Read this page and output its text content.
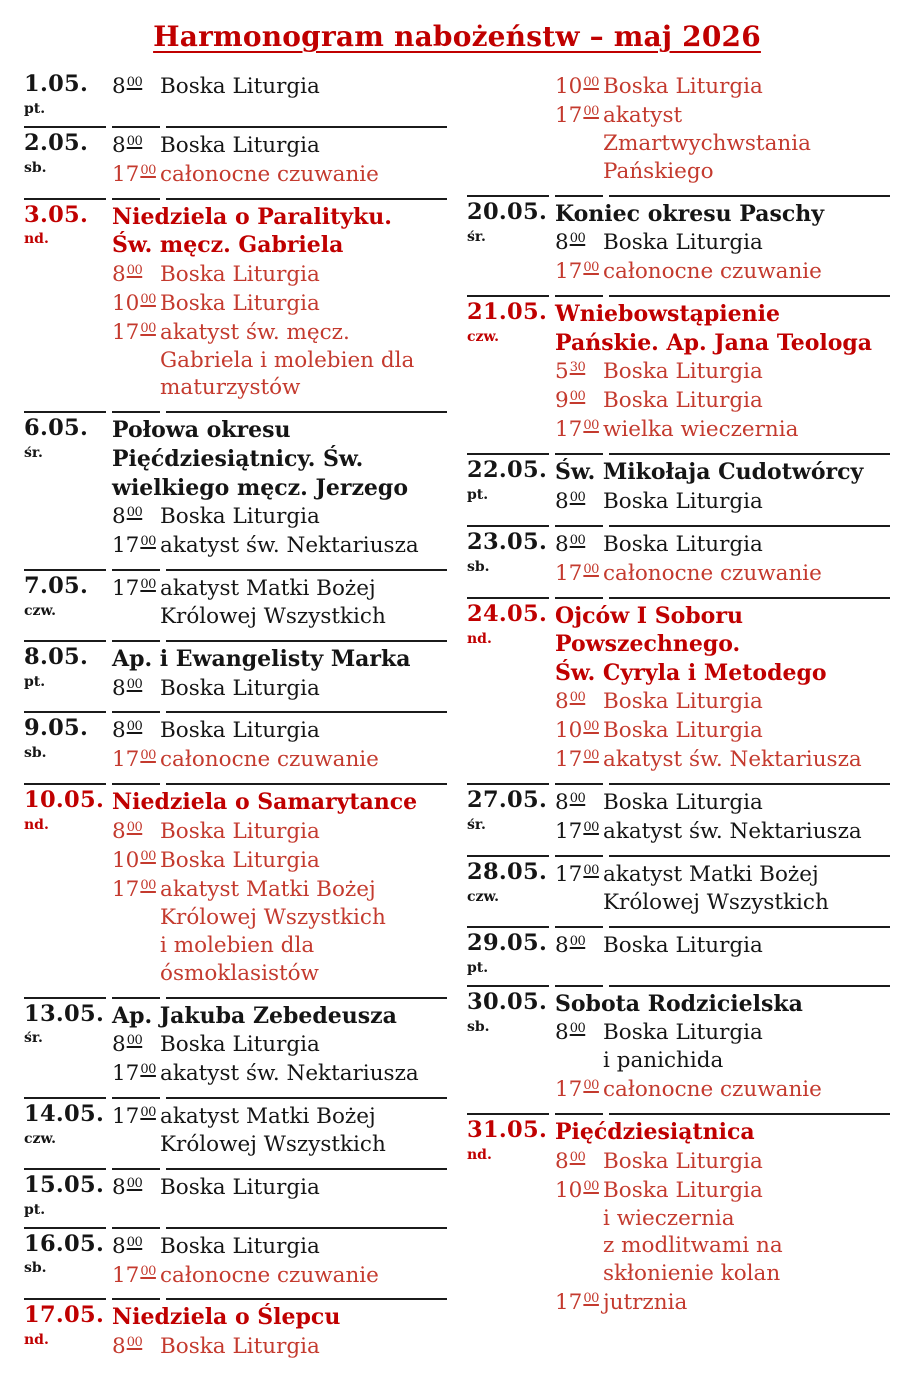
Harmonogram nabożeństw – maj 2026
1.05.
pt.
$8^{00}$ Boska Liturgia
2.05.
sb.
$8^{00}$ Boska Liturgia
$17^{00}$ całonocne czuwanie
3.05.
nd.
Niedziela o Paralityku.
Św. męcz. Gabriela
$8^{00}$ Boska Liturgia
$10^{00}$ Boska Liturgia
$17^{00}$ akatyst św. męcz.
Gabriela i molebien dla
maturzystów
6.05.
śr.
Połowa okresu
Pięćdziesiątnicy. Św.
wielkiego męcz. Jerzego
$8^{00}$ Boska Liturgia
$17^{00}$ akatyst św. Nektariusza
7.05.
czw.
$17^{00}$ akatyst Matki Bożej
Królowej Wszystkich
8.05.
pt.
Ap. i Ewangelisty Marka
$8^{00}$ Boska Liturgia
9.05.
sb.
$8^{00}$ Boska Liturgia
$17^{00}$ całonocne czuwanie
10.05.
nd.
Niedziela o Samarytance
$8^{00}$ Boska Liturgia
$10^{00}$ Boska Liturgia
$17^{00}$ akatyst Matki Bożej
Królowej Wszystkich
i molebien dla
ósmoklasistów
13.05.
śr.
Ap. Jakuba Zebedeusza
$8^{00}$ Boska Liturgia
$17^{00}$ akatyst św. Nektariusza
14.05.
czw.
$17^{00}$ akatyst Matki Bożej
Królowej Wszystkich
15.05.
pt.
$8^{00}$ Boska Liturgia
16.05.
sb.
$8^{00}$ Boska Liturgia
$17^{00}$ całonocne czuwanie
17.05.
nd.
Niedziela o Ślepcu
$8^{00}$ Boska Liturgia
$10^{00}$ Boska Liturgia
$17^{00}$ akatyst
Zmartwychwstania
Pańskiego
20.05.
śr.
Koniec okresu Paschy
$8^{00}$ Boska Liturgia
$17^{00}$ całonocne czuwanie
21.05.
czw.
Wniebowstąpienie
Pańskie. Ap. Jana Teologa
$5^{30}$ Boska Liturgia
$9^{00}$ Boska Liturgia
$17^{00}$ wielka wieczernia
22.05.
pt.
Św. Mikołaja Cudotwórcy
$8^{00}$ Boska Liturgia
23.05.
sb.
$8^{00}$ Boska Liturgia
$17^{00}$ całonocne czuwanie
24.05.
nd.
Ojców I Soboru
Powszechnego.
Św. Cyryla i Metodego
$8^{00}$ Boska Liturgia
$10^{00}$ Boska Liturgia
$17^{00}$ akatyst św. Nektariusza
27.05.
śr.
$8^{00}$ Boska Liturgia
$17^{00}$ akatyst św. Nektariusza
28.05.
czw.
$17^{00}$ akatyst Matki Bożej
Królowej Wszystkich
29.05.
pt.
$8^{00}$ Boska Liturgia
30.05.
sb.
Sobota Rodzicielska
$8^{00}$ Boska Liturgia
i panichida
$17^{00}$ całonocne czuwanie
31.05.
nd.
Pięćdziesiątnica
$8^{00}$ Boska Liturgia
$10^{00}$ Boska Liturgia
i wieczernia
z modlitwami na
skłonienie kolan
$17^{00}$ jutrznia
